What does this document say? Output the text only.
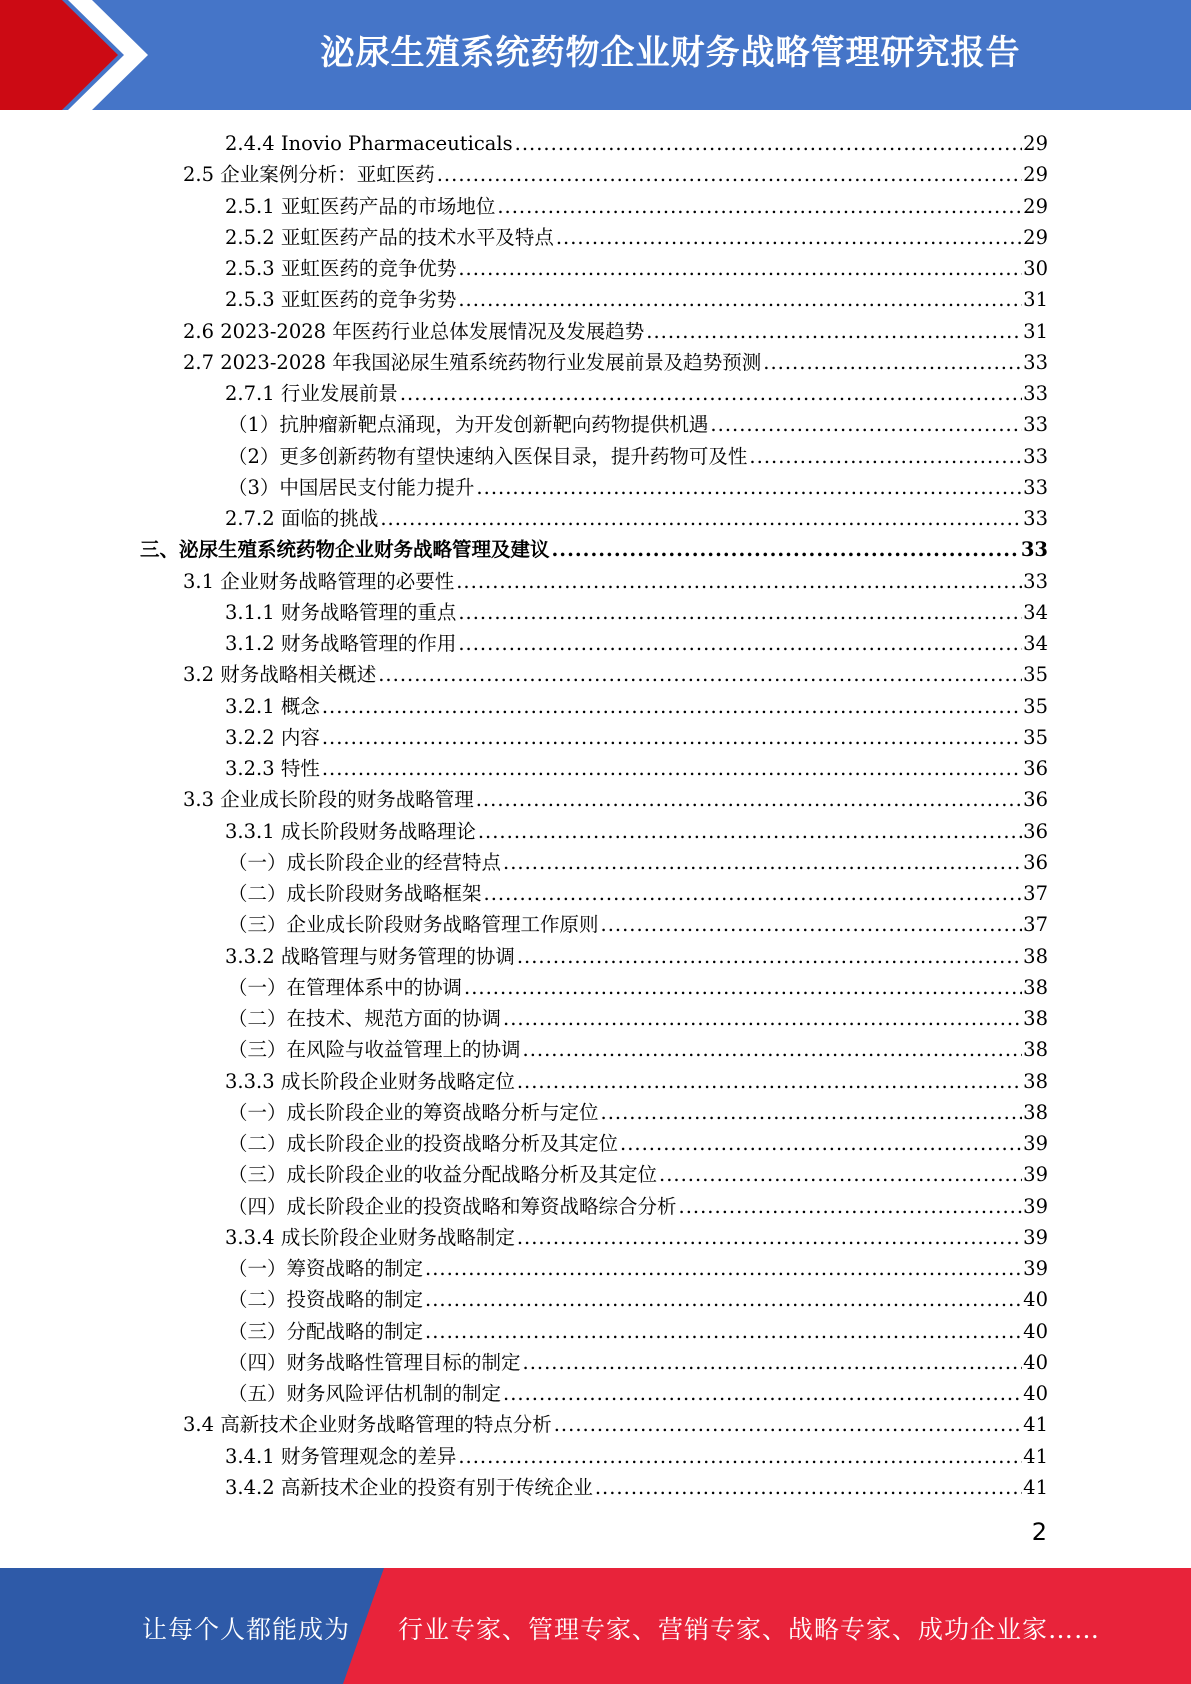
泌尿生殖系统药物企业财务战略管理研究报告
2.4.4 Inovio Pharmaceuticals .....	29
2.5 企业案例分析：亚虹医药 .....	29
2.5.1 亚虹医药产品的市场地位 .....	29
2.5.2 亚虹医药产品的技术水平及特点 .....	29
2.5.3 亚虹医药的竞争优势 .....	30
2.5.3 亚虹医药的竞争劣势 .....	31
2.6 2023-2028 年医药行业总体发展情况及发展趋势 .....	31
2.7 2023-2028 年我国泌尿生殖系统药物行业发展前景及趋势预测 .....	33
2.7.1 行业发展前景 .....	33
（1）抗肿瘤新靶点涌现，为开发创新靶向药物提供机遇 .....	33
（2）更多创新药物有望快速纳入医保目录，提升药物可及性 .....	33
（3）中国居民支付能力提升 .....	33
2.7.2 面临的挑战 .....	33
三、泌尿生殖系统药物企业财务战略管理及建议 .....	33
3.1 企业财务战略管理的必要性 .....	33
3.1.1 财务战略管理的重点 .....	34
3.1.2 财务战略管理的作用 .....	34
3.2 财务战略相关概述 .....	35
3.2.1 概念 .....	35
3.2.2 内容 .....	35
3.2.3 特性 .....	36
3.3 企业成长阶段的财务战略管理 .....	36
3.3.1 成长阶段财务战略理论 .....	36
（一）成长阶段企业的经营特点 .....	36
（二）成长阶段财务战略框架 .....	37
（三）企业成长阶段财务战略管理工作原则 .....	37
3.3.2 战略管理与财务管理的协调 .....	38
（一）在管理体系中的协调 .....	38
（二）在技术、规范方面的协调 .....	38
（三）在风险与收益管理上的协调 .....	38
3.3.3 成长阶段企业财务战略定位 .....	38
（一）成长阶段企业的筹资战略分析与定位 .....	38
（二）成长阶段企业的投资战略分析及其定位 .....	39
（三）成长阶段企业的收益分配战略分析及其定位 .....	39
（四）成长阶段企业的投资战略和筹资战略综合分析 .....	39
3.3.4 成长阶段企业财务战略制定 .....	39
（一）筹资战略的制定 .....	39
（二）投资战略的制定 .....	40
（三）分配战略的制定 .....	40
（四）财务战略性管理目标的制定 .....	40
（五）财务风险评估机制的制定 .....	40
3.4 高新技术企业财务战略管理的特点分析 .....	41
3.4.1 财务管理观念的差异 .....	41
3.4.2 高新技术企业的投资有别于传统企业 .....	41
2
让每个人都能成为 行业专家、管理专家、营销专家、战略专家、成功企业家……
